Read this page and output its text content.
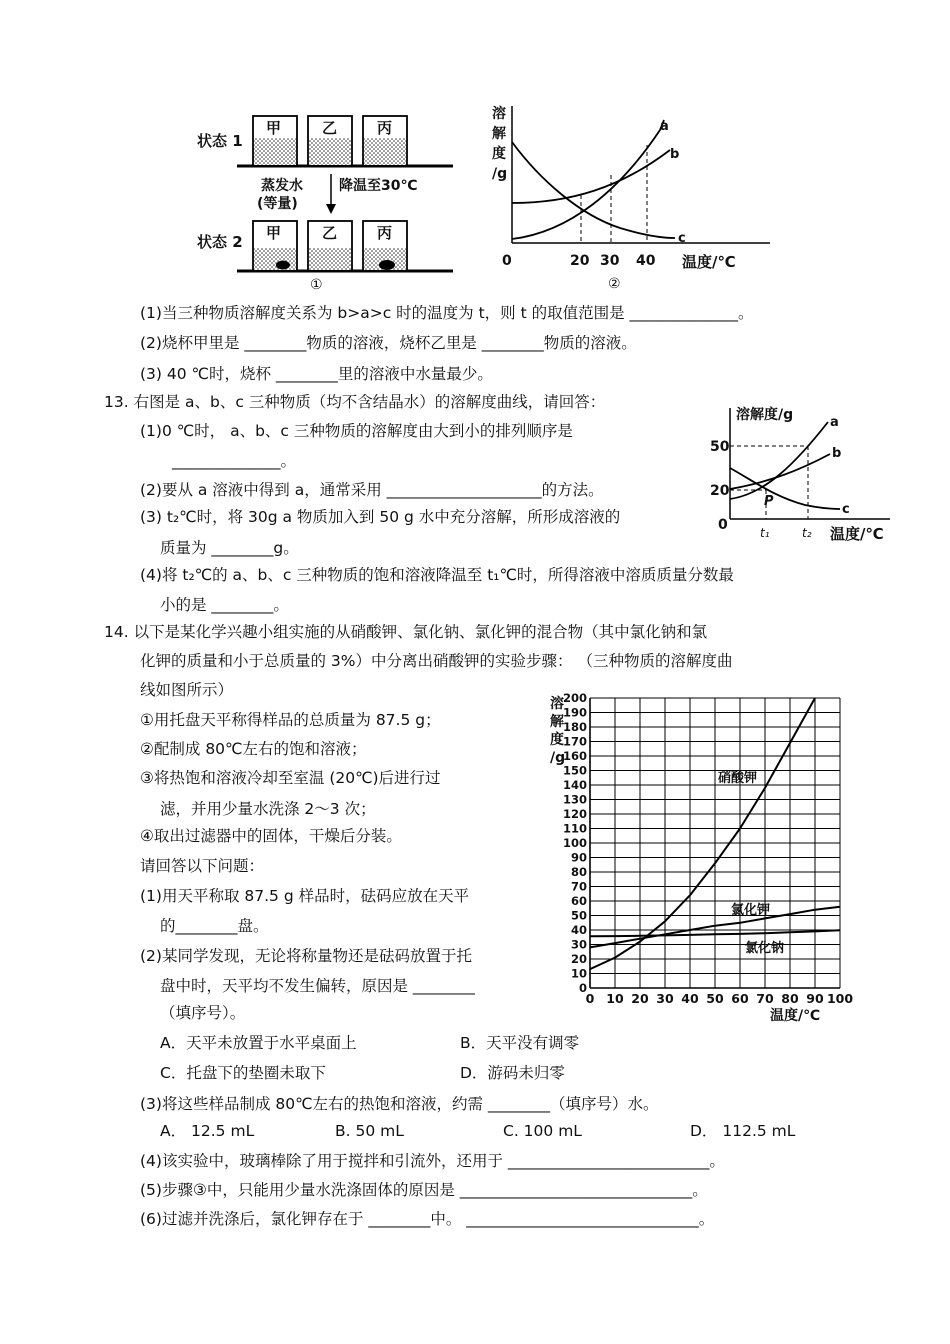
状态 1
状态 2
甲	乙	丙
甲	乙	丙
蒸发水
(等量)
降温至30℃
①
溶
解
度
/g
a
b
c
0	20 30 40 温度/℃
②
(1)当三种物质溶解度关系为 b>a>c 时的温度为 t，则 t 的取值范围是 ______________。
(2)烧杯甲里是 ________物质的溶液，烧杯乙里是 ________物质的溶液。
(3) 40 ℃时，烧杯 ________里的溶液中水量最少。
13. 右图是 a、b、c 三种物质（均不含结晶水）的溶解度曲线，请回答：
(1)0 ℃时， a、b、c 三种物质的溶解度由大到小的排列顺序是
______________。
(2)要从 a 溶液中得到 a，通常采用 ____________________的方法。
(3) t₂℃时，将 30g a 物质加入到 50 g 水中充分溶解，所形成溶液的
质量为 ________g。
(4)将 t₂℃的 a、b、c 三种物质的饱和溶液降温至 t₁℃时，所得溶液中溶质质量分数最
小的是 ________。
溶解度/g	a
b
c
P
50
20
0	t₁	t₂ 温度/℃
14. 以下是某化学兴趣小组实施的从硝酸钾、氯化钠、氯化钾的混合物（其中氯化钠和氯
化钾的质量和小于总质量的 3%）中分离出硝酸钾的实验步骤： （三种物质的溶解度曲
线如图所示）
①用托盘天平称得样品的总质量为 87.5 g；
②配制成 80℃左右的饱和溶液；
③将热饱和溶液冷却至室温 (20℃)后进行过
滤，并用少量水洗涤 2～3 次；
④取出过滤器中的固体，干燥后分装。
请回答以下问题：
(1)用天平称取 87.5 g 样品时，砝码应放在天平
的________盘。
(2)某同学发现，无论将称量物还是砝码放置于托
盘中时，天平均不发生偏转，原因是 ________
（填序号）。
A．天平未放置于水平桌面上	B．天平没有调零
C．托盘下的垫圈未取下	D．游码未归零
(3)将这些样品制成 80℃左右的热饱和溶液，约需 ________（填序号）水。
A． 12.5 mL	B. 50 mL	C. 100 mL	D． 112.5 mL
(4)该实验中，玻璃棒除了用于搅拌和引流外，还用于 __________________________。
(5)步骤③中，只能用少量水洗涤固体的原因是 ______________________________。
(6)过滤并洗涤后，氯化钾存在于 ________中。 ______________________________。
溶
解
度
/g
0 10 20 30 40 50 60 70 80 90 100
0
10
20
30
40
50
60
70
80
90
100
110
120
130
140
150
160
170
180
190
200
硝酸钾
氯化钾
氯化钠
温度/℃
